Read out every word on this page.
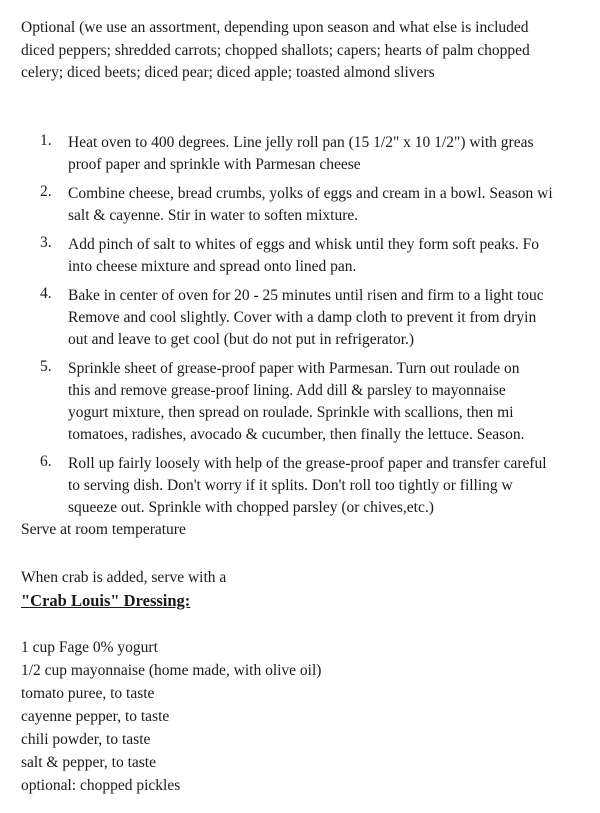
Optional (we use an assortment, depending upon season and what else is included
diced peppers; shredded carrots; chopped shallots; capers; hearts of palm chopped
celery; diced beets; diced pear; diced apple; toasted almond slivers
1. Heat oven to 400 degrees. Line jelly roll pan (15 1/2" x 10 1/2") with greas
proof paper and sprinkle with Parmesan cheese
2. Combine cheese, bread crumbs, yolks of eggs and cream in a bowl. Season wi
salt & cayenne. Stir in water to soften mixture.
3. Add pinch of salt to whites of eggs and whisk until they form soft peaks. Fo
into cheese mixture and spread onto lined pan.
4. Bake in center of oven for 20 - 25 minutes until risen and firm to a light touc
Remove and cool slightly. Cover with a damp cloth to prevent it from dryin
out and leave to get cool (but do not put in refrigerator.)
5. Sprinkle sheet of grease-proof paper with Parmesan. Turn out roulade on
this and remove grease-proof lining. Add dill & parsley to mayonnaise
yogurt mixture, then spread on roulade. Sprinkle with scallions, then mi
tomatoes, radishes, avocado & cucumber, then finally the lettuce. Season.
6. Roll up fairly loosely with help of the grease-proof paper and transfer careful
to serving dish. Don't worry if it splits. Don't roll too tightly or filling w
squeeze out. Sprinkle with chopped parsley (or chives,etc.)
Serve at room temperature
When crab is added, serve with a
"Crab Louis" Dressing:
1 cup Fage 0% yogurt
1/2 cup mayonnaise (home made, with olive oil)
tomato puree, to taste
cayenne pepper, to taste
chili powder, to taste
salt & pepper, to taste
optional: chopped pickles
